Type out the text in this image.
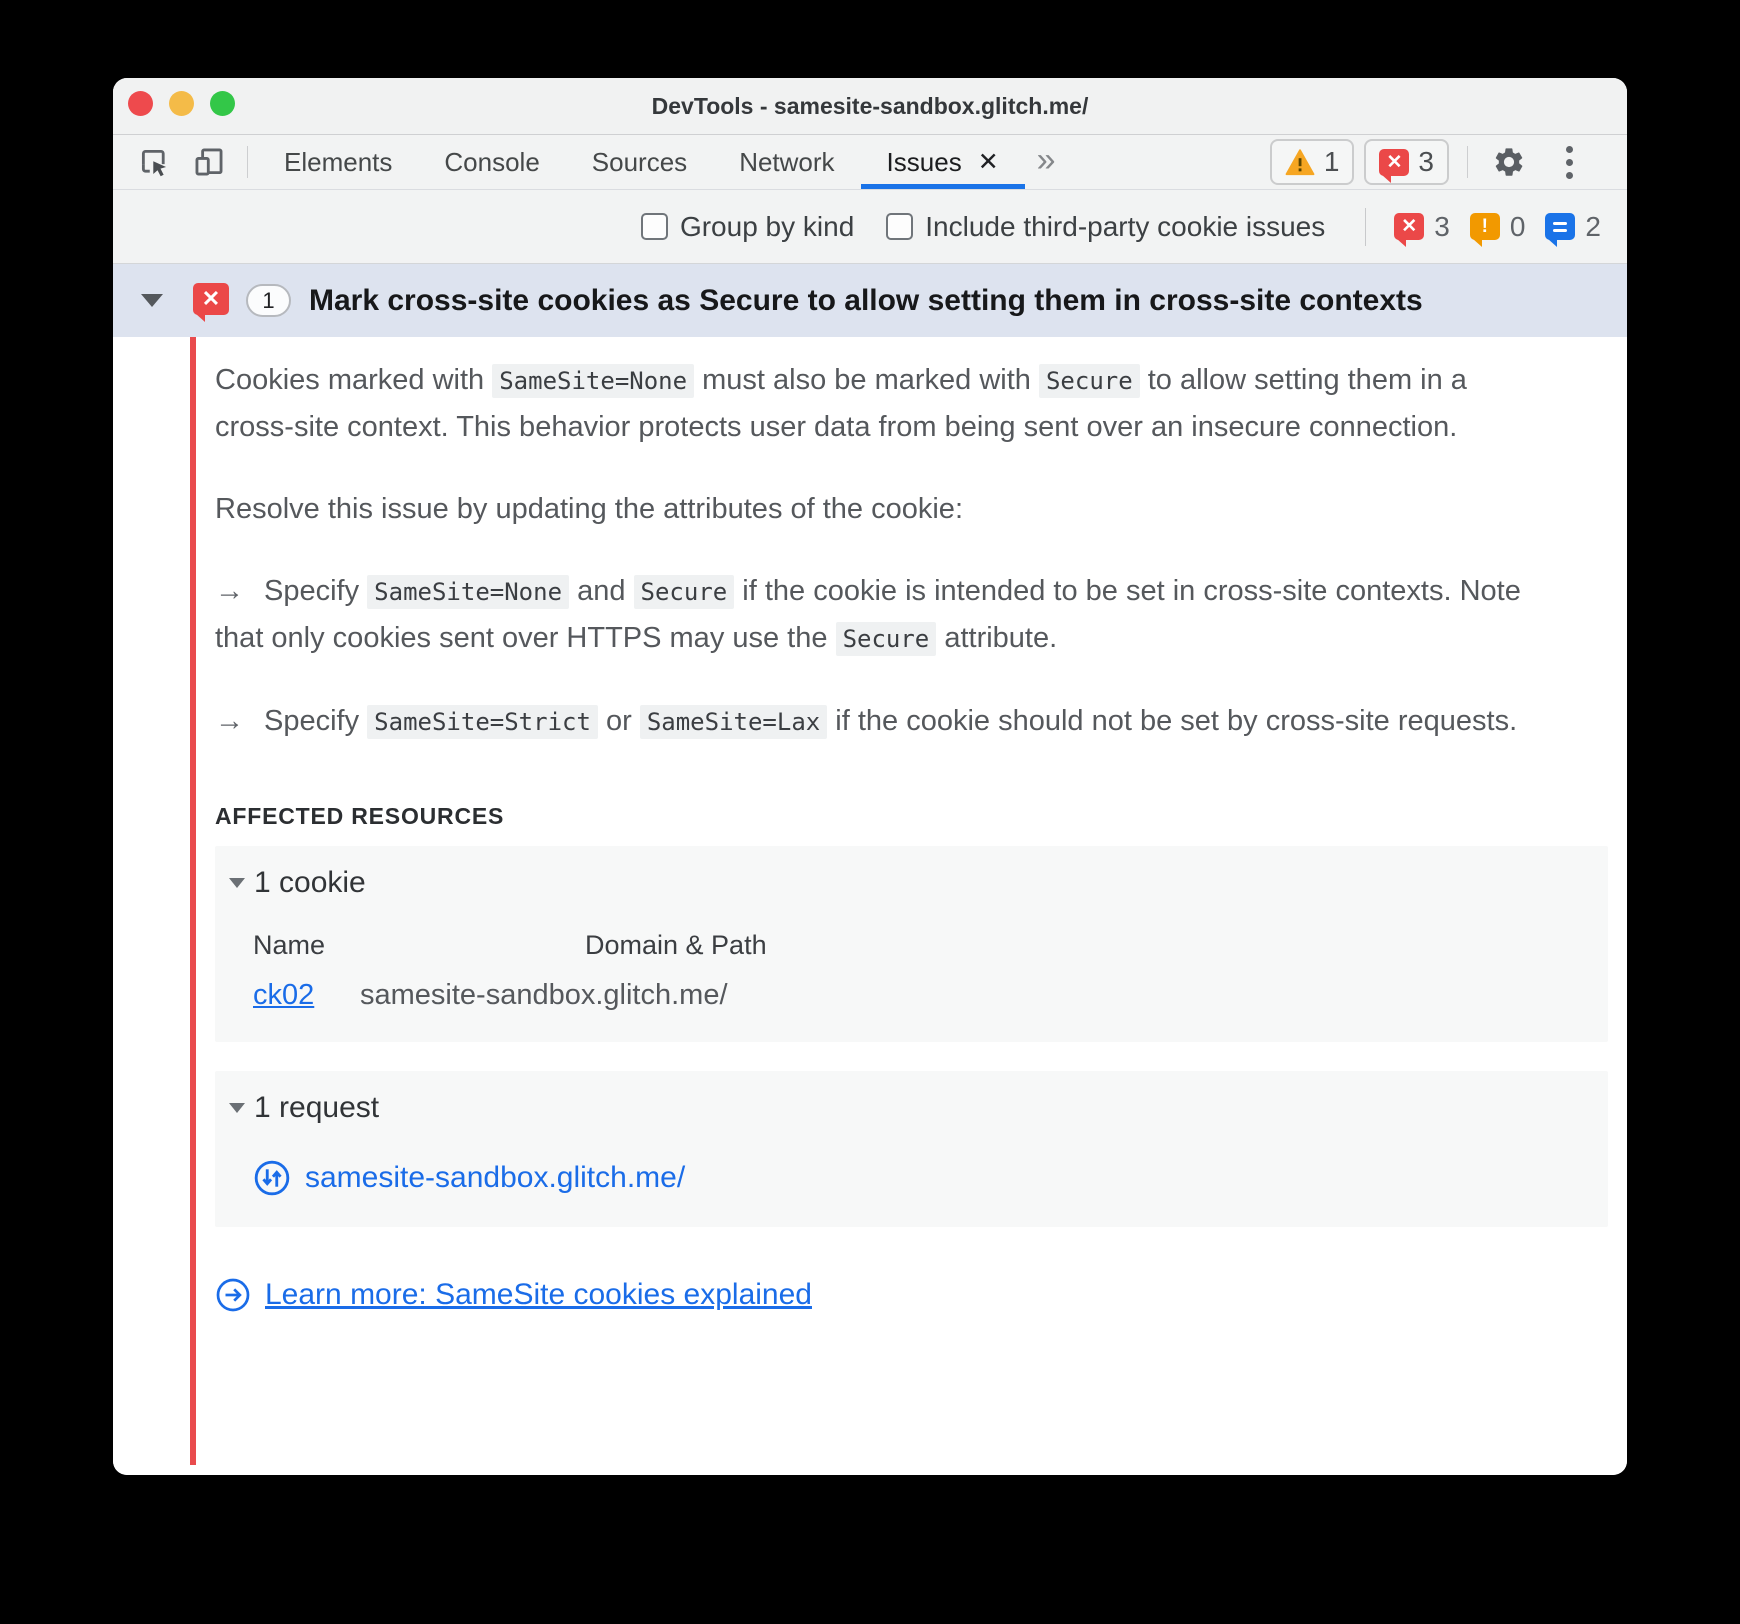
DevTools - samesite-sandbox.glitch.me/
Elements Console Sources Network Issues ✕	»	1 ✕ 3
Group by kind	Include third-party cookie issues	✕ 3 ! 0 2
✕	1	Mark cross-site cookies as Secure to allow setting them in cross-site contexts

Cookies marked with SameSite=None must also be marked with Secure to allow setting them in a cross-site context. This behavior protects user data from being sent over an insecure connection.

Resolve this issue by updating the attributes of the cookie:

→ Specify SameSite=None and Secure if the cookie is intended to be set in cross-site contexts. Note that only cookies sent over HTTPS may use the Secure attribute.

→ Specify SameSite=Strict or SameSite=Lax if the cookie should not be set by cross-site requests.

AFFECTED RESOURCES
1 cookie
Name	Domain & Path
ck02	samesite-sandbox.glitch.me/
1 request
samesite-sandbox.glitch.me/
Learn more: SameSite cookies explained
